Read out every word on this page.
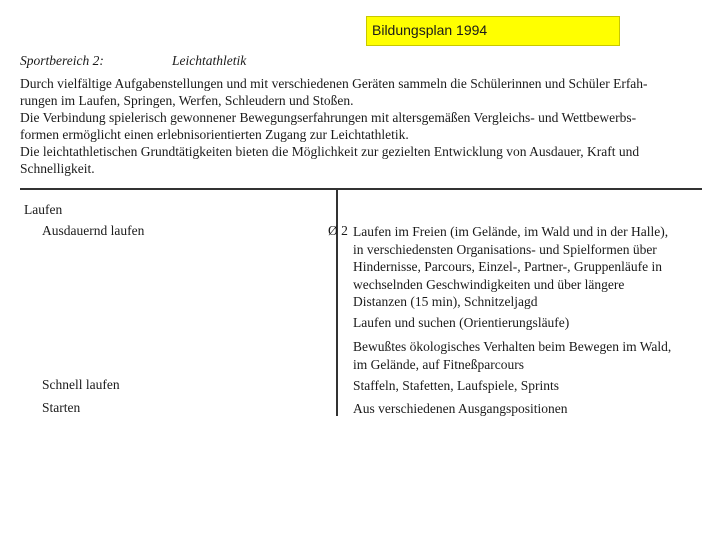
Bildungsplan 1994
Sportbereich 2:	Leichtathletik

Durch vielfältige Aufgabenstellungen und mit verschiedenen Geräten sammeln die Schülerinnen und Schüler Erfah-

rungen im Laufen, Springen, Werfen, Schleudern und Stoßen.

Die Verbindung spielerisch gewonnener Bewegungserfahrungen mit altersgemäßen Vergleichs- und Wettbewerbs-

formen ermöglicht einen erlebnisorientierten Zugang zur Leichtathletik.

Die leichtathletischen Grundtätigkeiten bieten die Möglichkeit zur gezielten Entwicklung von Ausdauer, Kraft und

Schnelligkeit.

Laufen
Ausdauernd laufen	Ø 2 Laufen im Freien (im Gelände, im Wald und in der Halle),
in verschiedensten Organisations- und Spielformen über
Hindernisse, Parcours, Einzel-, Partner-, Gruppenläufe in
wechselnden Geschwindigkeiten und über längere
Distanzen (15 min), Schnitzeljagd
Laufen und suchen (Orientierungsläufe)
Bewußtes ökologisches Verhalten beim Bewegen im Wald,
im Gelände, auf Fitneßparcours
Schnell laufen	Staffeln, Stafetten, Laufspiele, Sprints
Starten	Aus verschiedenen Ausgangspositionen
